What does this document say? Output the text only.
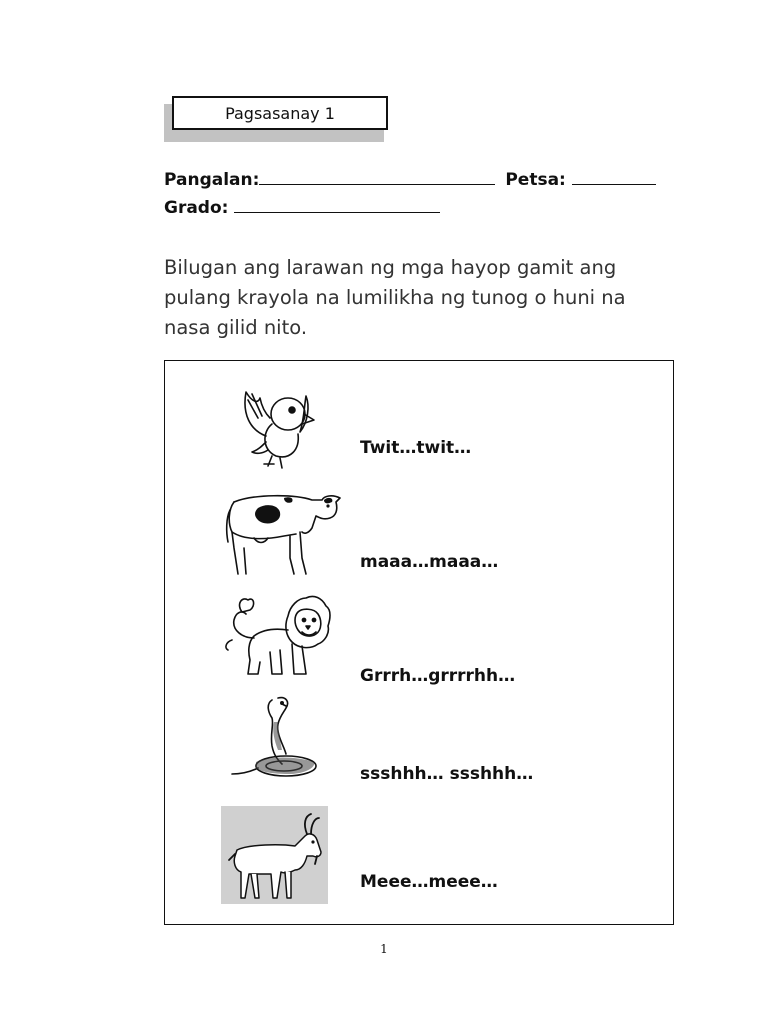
Pagsasanay 1
Pangalan:	Petsa:
Grado:
Bilugan ang larawan ng mga hayop gamit ang pulang krayola na lumilikha ng tunog o huni na nasa gilid nito.
Twit…twit…
maaa…maaa…
Grrrh…grrrrhh…
ssshhh… ssshhh…
Meee…meee…
1
